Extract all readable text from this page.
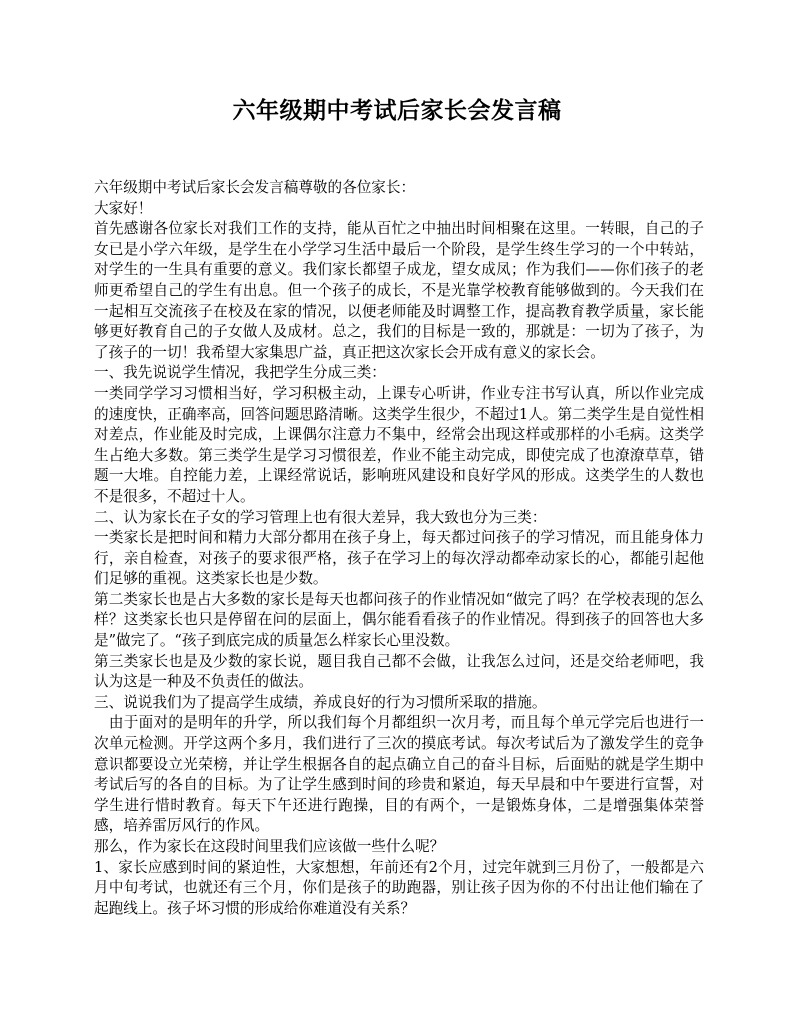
六年级期中考试后家长会发言稿

六年级期中考试后家长会发言稿尊敬的各位家长：

大家好！

首先感谢各位家长对我们工作的支持，能从百忙之中抽出时间相聚在这里。一转眼，自己的子女已是小学六年级，是学生在小学学习生活中最后一个阶段，是学生终生学习的一个中转站，对学生的一生具有重要的意义。我们家长都望子成龙，望女成凤；作为我们——你们孩子的老师更希望自己的学生有出息。但一个孩子的成长，不是光靠学校教育能够做到的。今天我们在一起相互交流孩子在校及在家的情况，以便老师能及时调整工作，提高教育教学质量，家长能够更好教育自己的子女做人及成材。总之，我们的目标是一致的，那就是：一切为了孩子，为了孩子的一切！我希望大家集思广益，真正把这次家长会开成有意义的家长会。

一、我先说说学生情况，我把学生分成三类：

一类同学学习习惯相当好，学习积极主动，上课专心听讲，作业专注书写认真，所以作业完成的速度快，正确率高，回答问题思路清晰。这类学生很少，不超过1人。第二类学生是自觉性相对差点，作业能及时完成，上课偶尔注意力不集中，经常会出现这样或那样的小毛病。这类学生占绝大多数。第三类学生是学习习惯很差，作业不能主动完成，即使完成了也潦潦草草，错题一大堆。自控能力差，上课经常说话，影响班风建设和良好学风的形成。这类学生的人数也不是很多，不超过十人。

二、认为家长在子女的学习管理上也有很大差异，我大致也分为三类：

一类家长是把时间和精力大部分都用在孩子身上，每天都过问孩子的学习情况，而且能身体力行，亲自检查，对孩子的要求很严格，孩子在学习上的每次浮动都牵动家长的心，都能引起他们足够的重视。这类家长也是少数。

第二类家长也是占大多数的家长是每天也都问孩子的作业情况如“做完了吗？在学校表现的怎么样？这类家长也只是停留在问的层面上，偶尔能看看孩子的作业情况。得到孩子的回答也大多是”做完了。“孩子到底完成的质量怎么样家长心里没数。

第三类家长也是及少数的家长说，题目我自己都不会做，让我怎么过问，还是交给老师吧，我认为这是一种及不负责任的做法。

三、说说我们为了提高学生成绩，养成良好的行为习惯所采取的措施。

　由于面对的是明年的升学，所以我们每个月都组织一次月考，而且每个单元学完后也进行一次单元检测。开学这两个多月，我们进行了三次的摸底考试。每次考试后为了激发学生的竞争意识都要设立光荣榜，并让学生根据各自的起点确立自己的奋斗目标，后面贴的就是学生期中考试后写的各自的目标。为了让学生感到时间的珍贵和紧迫，每天早晨和中午要进行宣誓，对学生进行惜时教育。每天下午还进行跑操，目的有两个，一是锻炼身体，二是增强集体荣誉感，培养雷厉风行的作风。

那么，作为家长在这段时间里我们应该做一些什么呢？

1、家长应感到时间的紧迫性，大家想想，年前还有2个月，过完年就到三月份了，一般都是六月中旬考试，也就还有三个月，你们是孩子的助跑器，别让孩子因为你的不付出让他们输在了起跑线上。孩子坏习惯的形成给你难道没有关系？
